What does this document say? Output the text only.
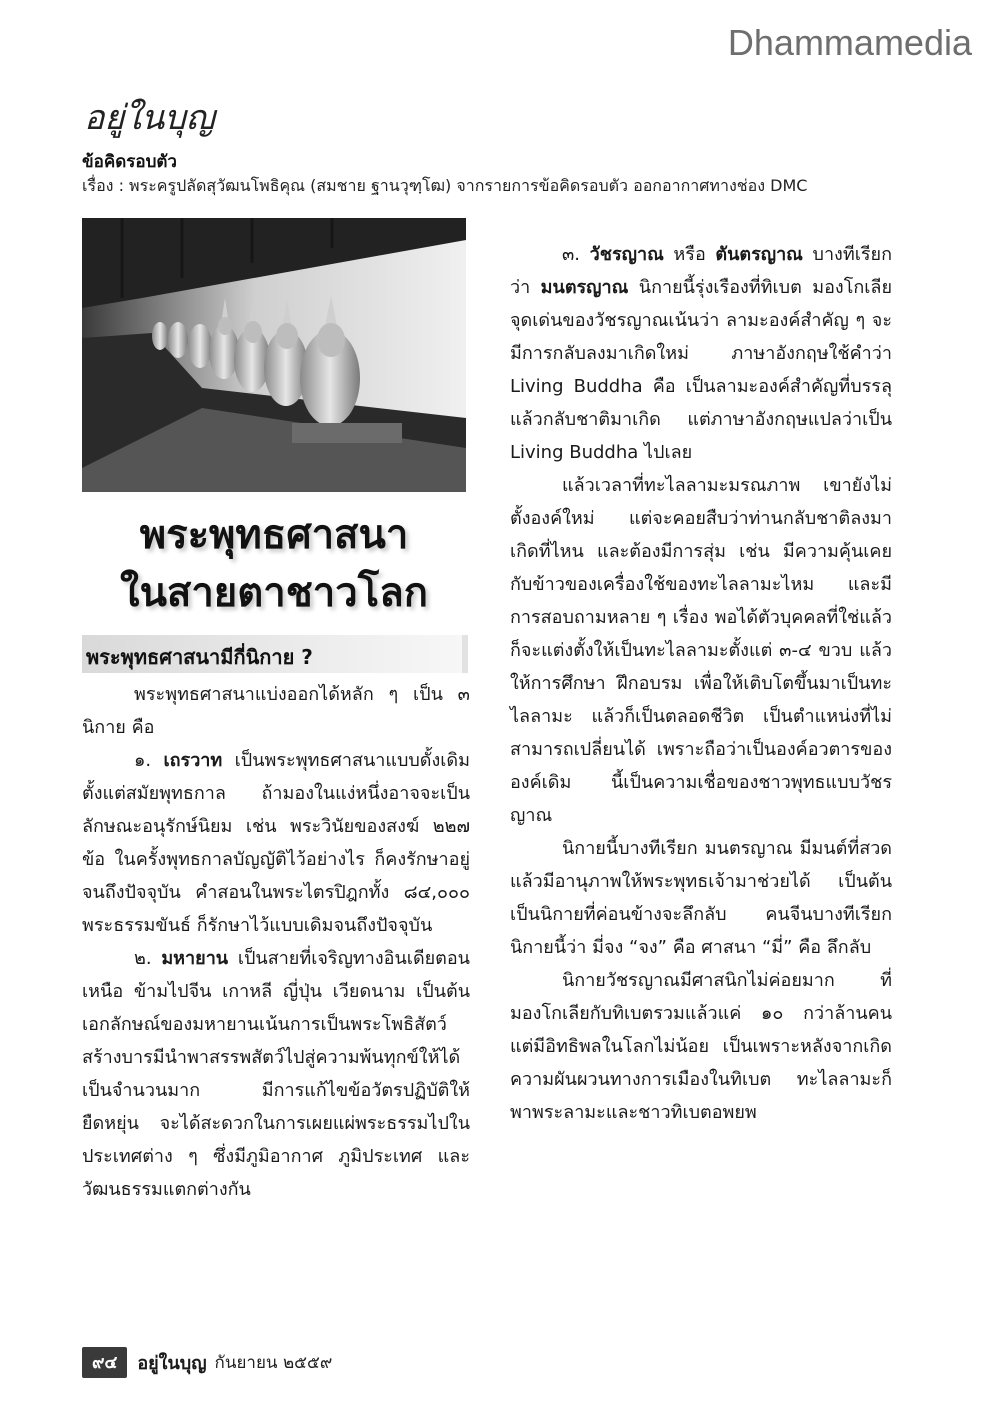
Dhammamedia
อยู่ในบุญ
ข้อคิดรอบตัว
เรื่อง : พระครูปลัดสุวัฒนโพธิคุณ (สมชาย ฐานวุฑฺโฒ) จากรายการข้อคิดรอบตัว ออกอากาศทางช่อง DMC
พระพุทธศาสนา
ในสายตาชาวโลก
พระพุทธศาสนามีกี่นิกาย ?

พระพุทธศาสนาแบ่งออกได้หลัก ๆ เป็น ๓ นิกาย คือ

๑. เถรวาท เป็นพระพุทธศาสนาแบบดั้งเดิมตั้งแต่สมัยพุทธกาล ถ้ามองในแง่หนึ่งอาจจะเป็นลักษณะอนุรักษ์นิยม เช่น พระวินัยของสงฆ์ ๒๒๗ ข้อ ในครั้งพุทธกาลบัญญัติไว้อย่างไร ก็คงรักษาอยู่จนถึงปัจจุบัน คำสอนในพระไตรปิฎกทั้ง ๘๔,๐๐๐ พระธรรมขันธ์ ก็รักษาไว้แบบเดิมจนถึงปัจจุบัน

๒. มหายาน เป็นสายที่เจริญทางอินเดียตอนเหนือ ข้ามไปจีน เกาหลี ญี่ปุ่น เวียดนาม เป็นต้น เอกลักษณ์ของมหายานเน้นการเป็นพระโพธิสัตว์ สร้างบารมีนำพาสรรพสัตว์ไปสู่ความพ้นทุกข์ให้ได้เป็นจำนวนมาก มีการแก้ไขข้อวัตรปฏิบัติให้ยืดหยุ่น จะได้สะดวกในการเผยแผ่พระธรรมไปในประเทศต่าง ๆ ซึ่งมีภูมิอากาศ ภูมิประเทศ และวัฒนธรรมแตกต่างกัน

๓. วัชรญาณ หรือ ตันตรญาณ บางทีเรียกว่า มนตรญาณ นิกายนี้รุ่งเรืองที่ทิเบต มองโกเลีย จุดเด่นของวัชรญาณเน้นว่า ลามะองค์สำคัญ ๆ จะมีการกลับลงมาเกิดใหม่ ภาษาอังกฤษใช้คำว่า Living Buddha คือ เป็นลามะองค์สำคัญที่บรรลุแล้วกลับชาติมาเกิด แต่ภาษาอังกฤษแปลว่าเป็น Living Buddha ไปเลย

แล้วเวลาที่ทะไลลามะมรณภาพ เขายังไม่ตั้งองค์ใหม่ แต่จะคอยสืบว่าท่านกลับชาติลงมาเกิดที่ไหน และต้องมีการสุ่ม เช่น มีความคุ้นเคยกับข้าวของเครื่องใช้ของทะไลลามะไหม และมีการสอบถามหลาย ๆ เรื่อง พอได้ตัวบุคคลที่ใช่แล้ว ก็จะแต่งตั้งให้เป็นทะไลลามะตั้งแต่ ๓-๔ ขวบ แล้วให้การศึกษา ฝึกอบรม เพื่อให้เติบโตขึ้นมาเป็นทะไลลามะ แล้วก็เป็นตลอดชีวิต เป็นตำแหน่งที่ไม่สามารถเปลี่ยนได้ เพราะถือว่าเป็นองค์อวตารขององค์เดิม นี้เป็นความเชื่อของชาวพุทธแบบวัชรญาณ

นิกายนี้บางทีเรียก มนตรญาณ มีมนต์ที่สวดแล้วมีอานุภาพให้พระพุทธเจ้ามาช่วยได้ เป็นต้น เป็นนิกายที่ค่อนข้างจะลึกลับ คนจีนบางทีเรียกนิกายนี้ว่า มี่จง “จง” คือ ศาสนา “มี่” คือ ลึกลับ

นิกายวัชรญาณมีศาสนิกไม่ค่อยมาก ที่มองโกเลียกับทิเบตรวมแล้วแค่ ๑๐ กว่าล้านคน แต่มีอิทธิพลในโลกไม่น้อย เป็นเพราะหลังจากเกิดความผันผวนทางการเมืองในทิเบต ทะไลลามะก็พาพระลามะและชาวทิเบตอพยพ

๙๔	อยู่ในบุญ กันยายน ๒๕๕๙
